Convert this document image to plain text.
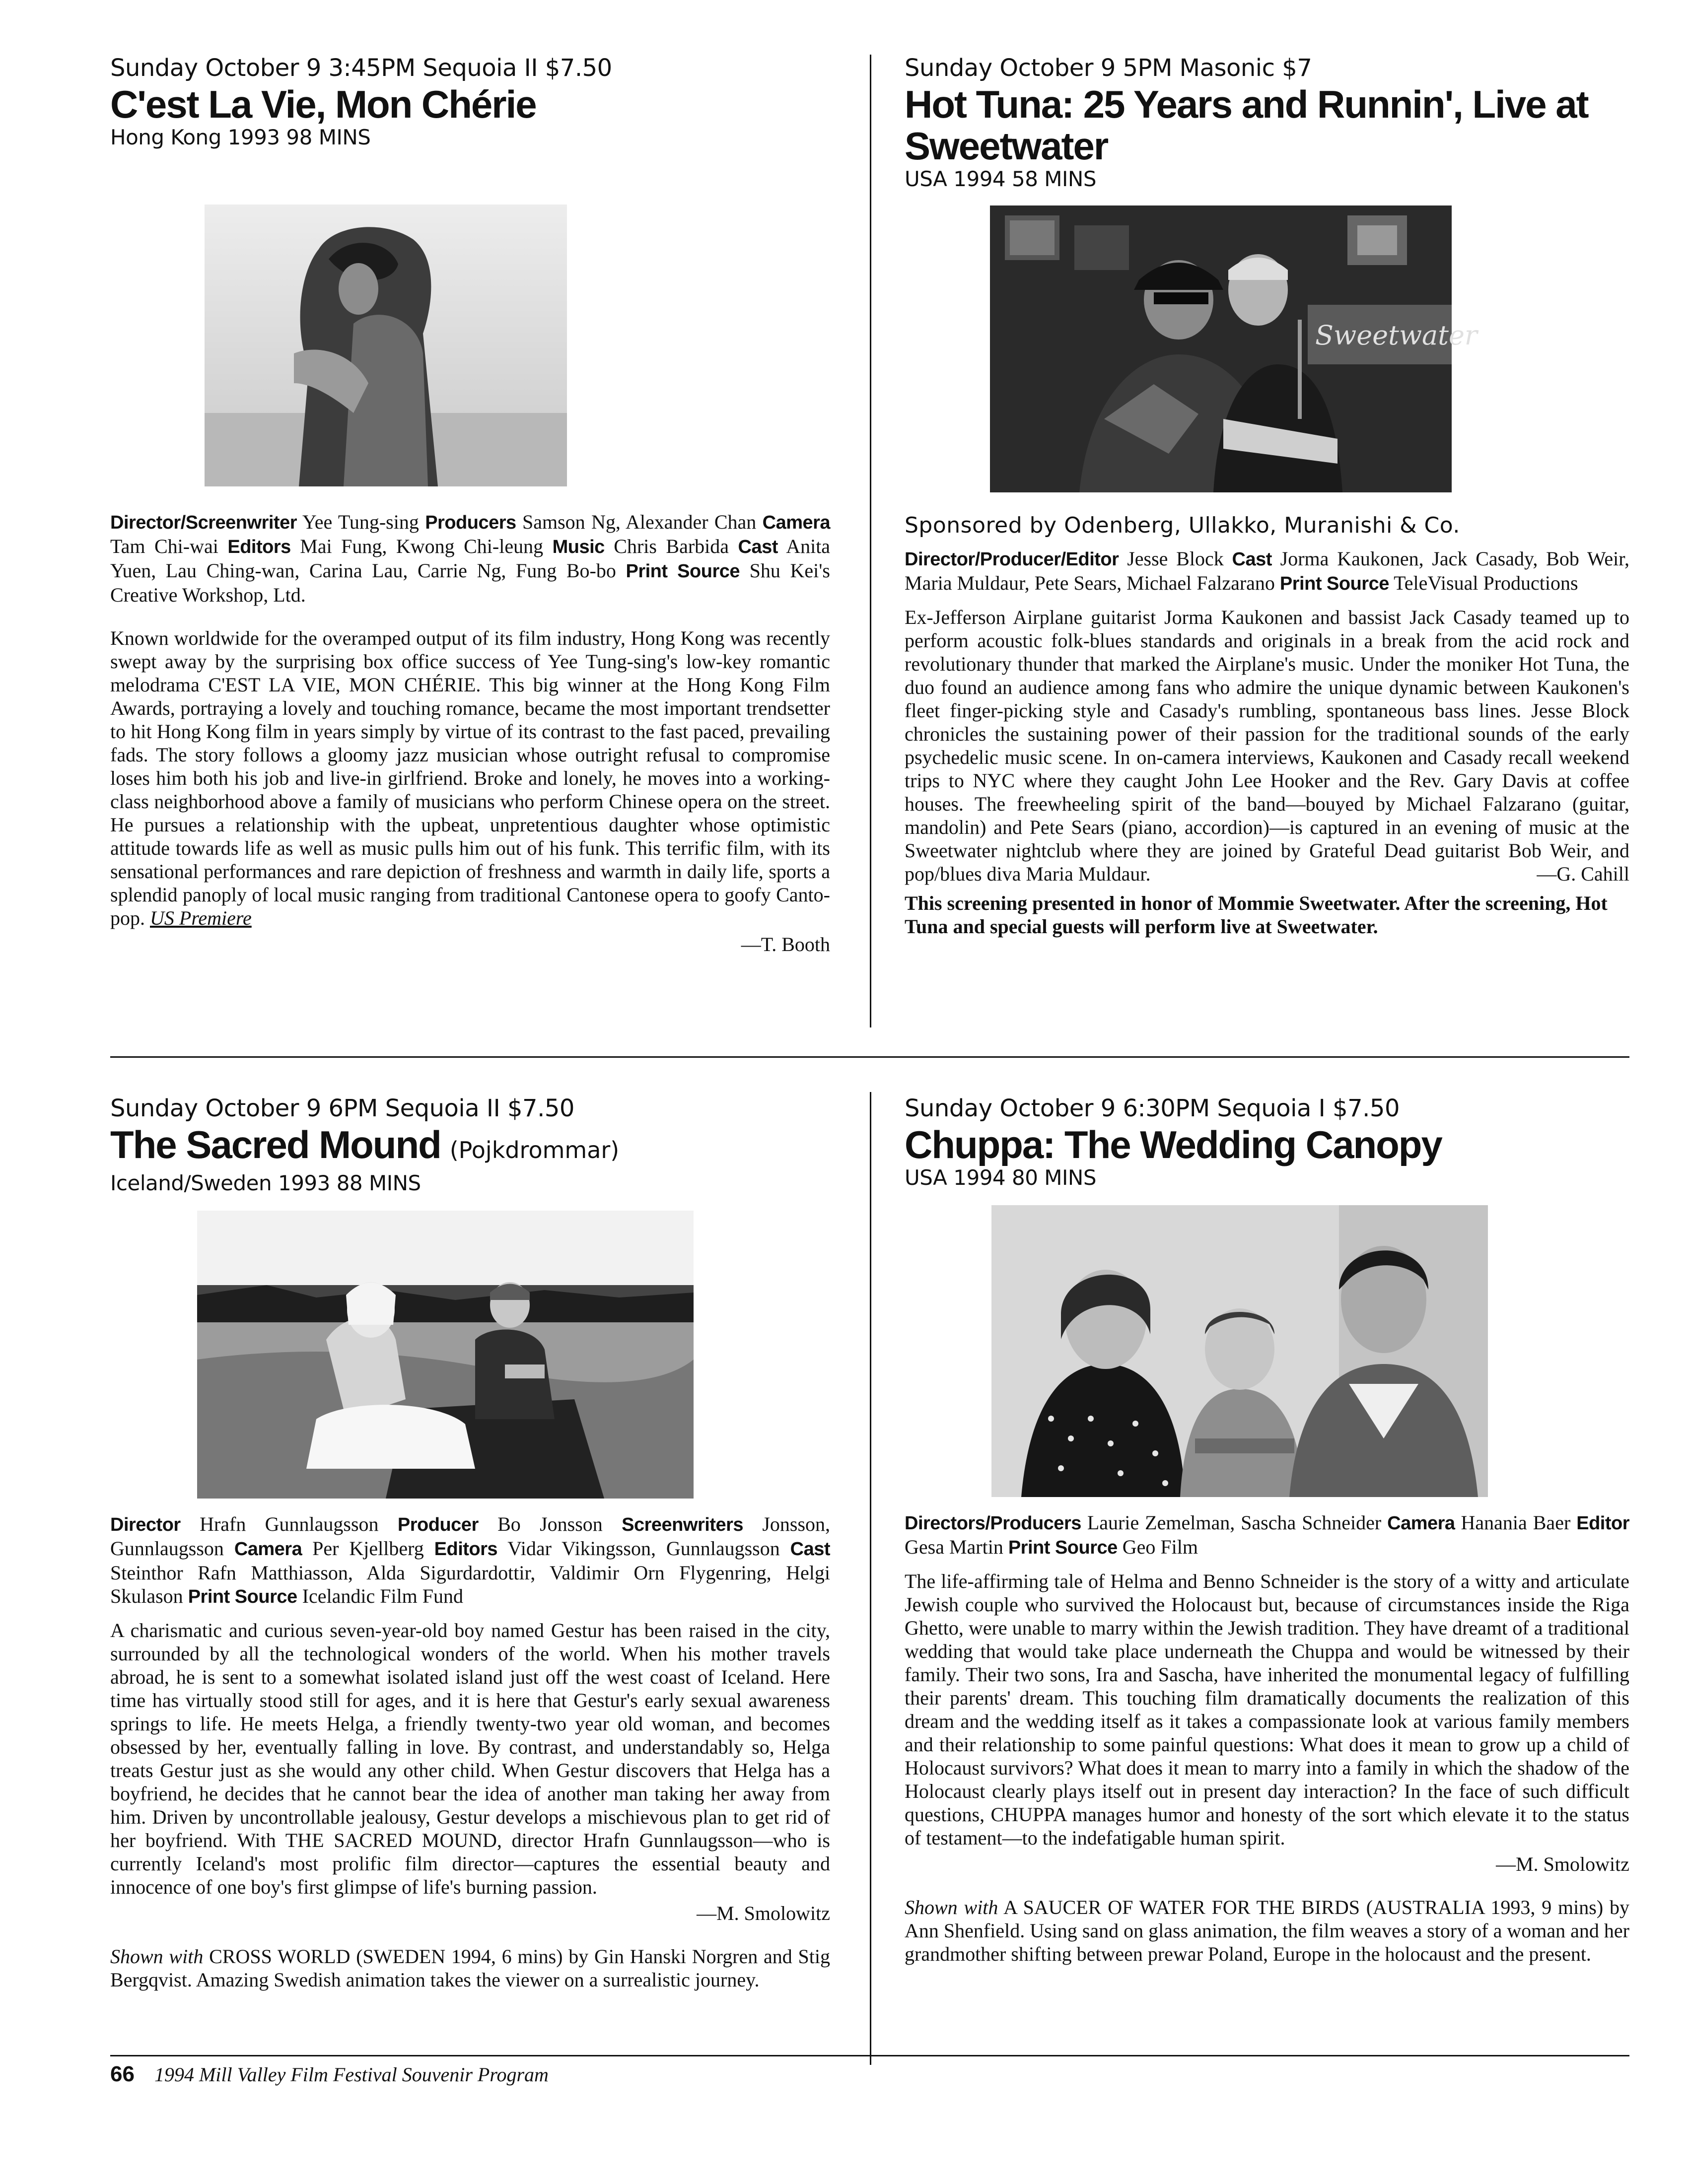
Sunday October 9 3:45PM Sequoia II $7.50
C'est La Vie, Mon Chérie
Hong Kong 1993 98 MINS
Director/Screenwriter Yee Tung-sing Producers Samson Ng, Alexander Chan Camera Tam Chi-wai Editors Mai Fung, Kwong Chi-leung Music Chris Barbida Cast Anita Yuen, Lau Ching-wan, Carina Lau, Carrie Ng, Fung Bo-bo Print Source Shu Kei's Creative Workshop, Ltd.
Known worldwide for the overamped output of its film industry, Hong Kong was recently swept away by the surprising box office success of Yee Tung-sing's low-key romantic melodrama C'EST LA VIE, MON CHÉRIE. This big winner at the Hong Kong Film Awards, portraying a lovely and touching romance, became the most important trendsetter to hit Hong Kong film in years simply by virtue of its contrast to the fast paced, prevailing fads. The story follows a gloomy jazz musician whose outright refusal to compromise loses him both his job and live-in girlfriend. Broke and lonely, he moves into a working-class neighborhood above a family of musicians who perform Chinese opera on the street. He pursues a relationship with the upbeat, unpretentious daughter whose optimistic attitude towards life as well as music pulls him out of his funk. This terrific film, with its sensational performances and rare depiction of freshness and warmth in daily life, sports a splendid panoply of local music ranging from traditional Cantonese opera to goofy Canto-pop. US Premiere
—T. Booth
Sunday October 9 5PM Masonic $7
Hot Tuna: 25 Years and Runnin', Live at Sweetwater
USA 1994 58 MINS
Sweetwater
Sponsored by Odenberg, Ullakko, Muranishi & Co.
Director/Producer/Editor Jesse Block Cast Jorma Kaukonen, Jack Casady, Bob Weir, Maria Muldaur, Pete Sears, Michael Falzarano Print Source TeleVisual Productions
Ex-Jefferson Airplane guitarist Jorma Kaukonen and bassist Jack Casady teamed up to perform acoustic folk-blues standards and originals in a break from the acid rock and revolutionary thunder that marked the Airplane's music. Under the moniker Hot Tuna, the duo found an audience among fans who admire the unique dynamic between Kaukonen's fleet finger-picking style and Casady's rumbling, spontaneous bass lines. Jesse Block chronicles the sustaining power of their passion for the traditional sounds of the early psychedelic music scene. In on-camera interviews, Kaukonen and Casady recall weekend trips to NYC where they caught John Lee Hooker and the Rev. Gary Davis at coffee houses. The freewheeling spirit of the band—bouyed by Michael Falzarano (guitar, mandolin) and Pete Sears (piano, accordion)—is captured in an evening of music at the Sweetwater nightclub where they are joined by Grateful Dead guitarist Bob Weir, and pop/blues diva Maria Muldaur.	—G. Cahill
This screening presented in honor of Mommie Sweetwater. After the screening, Hot Tuna and special guests will perform live at Sweetwater.
Sunday October 9 6PM Sequoia II $7.50
The Sacred Mound (Pojkdrommar)
Iceland/Sweden 1993 88 MINS
Director Hrafn Gunnlaugsson Producer Bo Jonsson Screenwriters Jonsson, Gunnlaugsson Camera Per Kjellberg Editors Vidar Vikingsson, Gunnlaugsson Cast Steinthor Rafn Matthiasson, Alda Sigurdardottir, Valdimir Orn Flygenring, Helgi Skulason Print Source Icelandic Film Fund
A charismatic and curious seven-year-old boy named Gestur has been raised in the city, surrounded by all the technological wonders of the world. When his mother travels abroad, he is sent to a somewhat isolated island just off the west coast of Iceland. Here time has virtually stood still for ages, and it is here that Gestur's early sexual awareness springs to life. He meets Helga, a friendly twenty-two year old woman, and becomes obsessed by her, eventually falling in love. By contrast, and understandably so, Helga treats Gestur just as she would any other child. When Gestur discovers that Helga has a boyfriend, he decides that he cannot bear the idea of another man taking her away from him. Driven by uncontrollable jealousy, Gestur develops a mischievous plan to get rid of her boyfriend. With THE SACRED MOUND, director Hrafn Gunnlaugsson—who is currently Iceland's most prolific film director—captures the essential beauty and innocence of one boy's first glimpse of life's burning passion.
—M. Smolowitz
Shown with CROSS WORLD (SWEDEN 1994, 6 mins) by Gin Hanski Norgren and Stig Bergqvist. Amazing Swedish animation takes the viewer on a surrealistic journey.
Sunday October 9 6:30PM Sequoia I $7.50
Chuppa: The Wedding Canopy
USA 1994 80 MINS
Directors/Producers Laurie Zemelman, Sascha Schneider Camera Hanania Baer Editor Gesa Martin Print Source Geo Film
The life-affirming tale of Helma and Benno Schneider is the story of a witty and articulate Jewish couple who survived the Holocaust but, because of circumstances inside the Riga Ghetto, were unable to marry within the Jewish tradition. They have dreamt of a traditional wedding that would take place underneath the Chuppa and would be witnessed by their family. Their two sons, Ira and Sascha, have inherited the monumental legacy of fulfilling their parents' dream. This touching film dramatically documents the realization of this dream and the wedding itself as it takes a compassionate look at various family members and their relationship to some painful questions: What does it mean to grow up a child of Holocaust survivors? What does it mean to marry into a family in which the shadow of the Holocaust clearly plays itself out in present day interaction? In the face of such difficult questions, CHUPPA manages humor and honesty of the sort which elevate it to the status of testament—to the indefatigable human spirit.
—M. Smolowitz
Shown with A SAUCER OF WATER FOR THE BIRDS (AUSTRALIA 1993, 9 mins) by Ann Shenfield. Using sand on glass animation, the film weaves a story of a woman and her grandmother shifting between prewar Poland, Europe in the holocaust and the present.
66 1994 Mill Valley Film Festival Souvenir Program
